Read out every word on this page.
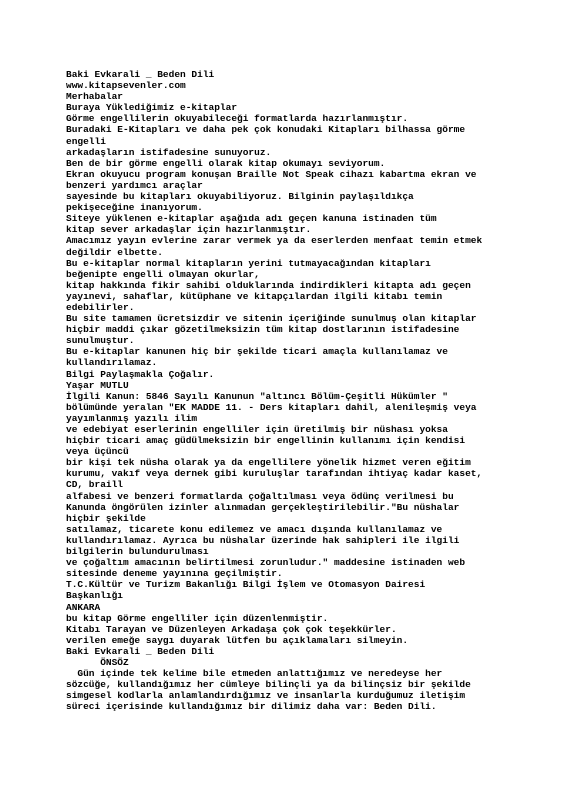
Baki Evkarali _ Beden Dili
www.kitapsevenler.com
Merhabalar
Buraya Yüklediğimiz e-kitaplar
Görme engellilerin okuyabileceği formatlarda hazırlanmıştır.
Buradaki E-Kitapları ve daha pek çok konudaki Kitapları bilhassa görme
engelli
arkadaşların istifadesine sunuyoruz.
Ben de bir görme engelli olarak kitap okumayı seviyorum.
Ekran okuyucu program konuşan Braille Not Speak cihazı kabartma ekran ve
benzeri yardımcı araçlar
sayesinde bu kitapları okuyabiliyoruz. Bilginin paylaşıldıkça
pekişeceğine inanıyorum.
Siteye yüklenen e-kitaplar aşağıda adı geçen kanuna istinaden tüm
kitap sever arkadaşlar için hazırlanmıştır.
Amacımız yayın evlerine zarar vermek ya da eserlerden menfaat temin etmek
değildir elbette.
Bu e-kitaplar normal kitapların yerini tutmayacağından kitapları
beğenipte engelli olmayan okurlar,
kitap hakkında fikir sahibi olduklarında indirdikleri kitapta adı geçen
yayınevi, sahaflar, kütüphane ve kitapçılardan ilgili kitabı temin
edebilirler.
Bu site tamamen ücretsizdir ve sitenin içeriğinde sunulmuş olan kitaplar
hiçbir maddi çıkar gözetilmeksizin tüm kitap dostlarının istifadesine
sunulmuştur.
Bu e-kitaplar kanunen hiç bir şekilde ticari amaçla kullanılamaz ve
kullandırılamaz.
Bilgi Paylaşmakla Çoğalır.
Yaşar MUTLU
İlgili Kanun: 5846 Sayılı Kanunun "altıncı Bölüm-Çeşitli Hükümler "
bölümünde yeralan "EK MADDE 11. - Ders kitapları dahil, alenileşmiş veya
yayımlanmış yazılı ilim
ve edebiyat eserlerinin engelliler için üretilmiş bir nüshası yoksa
hiçbir ticari amaç güdülmeksizin bir engellinin kullanımı için kendisi
veya üçüncü
bir kişi tek nüsha olarak ya da engellilere yönelik hizmet veren eğitim
kurumu, vakıf veya dernek gibi kuruluşlar tarafından ihtiyaç kadar kaset,
CD, braill
alfabesi ve benzeri formatlarda çoğaltılması veya ödünç verilmesi bu
Kanunda öngörülen izinler alınmadan gerçekleştirilebilir."Bu nüshalar
hiçbir şekilde
satılamaz, ticarete konu edilemez ve amacı dışında kullanılamaz ve
kullandırılamaz. Ayrıca bu nüshalar üzerinde hak sahipleri ile ilgili
bilgilerin bulundurulması
ve çoğaltım amacının belirtilmesi zorunludur." maddesine istinaden web
sitesinde deneme yayınına geçilmiştir.
T.C.Kültür ve Turizm Bakanlığı Bilgi İşlem ve Otomasyon Dairesi
Başkanlığı
ANKARA
bu kitap Görme engelliler için düzenlenmiştir.
Kitabı Tarayan ve Düzenleyen Arkadaşa çok çok teşekkürler.
verilen emeğe saygı duyarak lütfen bu açıklamaları silmeyin.
Baki Evkarali _ Beden Dili
ÖNSÖZ
Gün içinde tek kelime bile etmeden anlattığımız ve neredeyse her
sözcüğe, kullandığımız her cümleye bilinçli ya da bilinçsiz bir şekilde
simgesel kodlarla anlamlandırdığımız ve insanlarla kurduğumuz iletişim
süreci içerisinde kullandığımız bir dilimiz daha var: Beden Dili.
